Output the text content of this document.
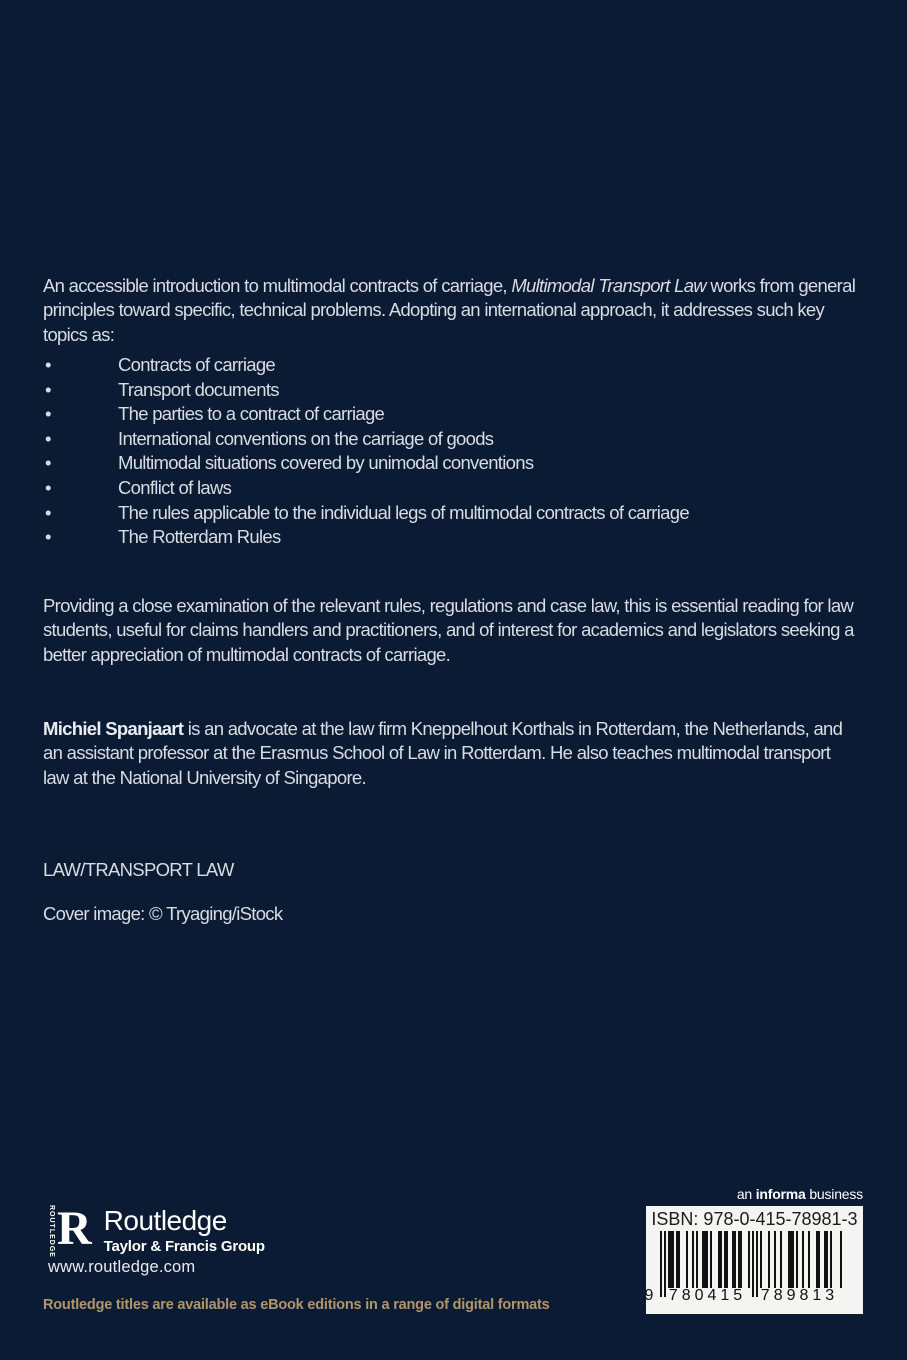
An accessible introduction to multimodal contracts of carriage, Multimodal Transport Law works from general principles toward specific, technical problems. Adopting an international approach, it addresses such key topics as:

•	Contracts of carriage
•	Transport documents
•	The parties to a contract of carriage
•	International conventions on the carriage of goods
•	Multimodal situations covered by unimodal conventions
•	Conflict of laws
•	The rules applicable to the individual legs of multimodal contracts of carriage
•	The Rotterdam Rules

Providing a close examination of the relevant rules, regulations and case law, this is essential reading for law students, useful for claims handlers and practitioners, and of interest for academics and legislators seeking a better appreciation of multimodal contracts of carriage.

Michiel Spanjaart is an advocate at the law firm Kneppelhout Korthals in Rotterdam, the Netherlands, and an assistant professor at the Erasmus School of Law in Rotterdam. He also teaches multimodal transport law at the National University of Singapore.

LAW/TRANSPORT LAW
Cover image: © Tryaging/iStock
ROUTLEDGE R Routledge
Taylor & Francis Group
www.routledge.com
Routledge titles are available as eBook editions in a range of digital formats
an informa business
ISBN: 978-0-415-78981-3
9 780415 789813
